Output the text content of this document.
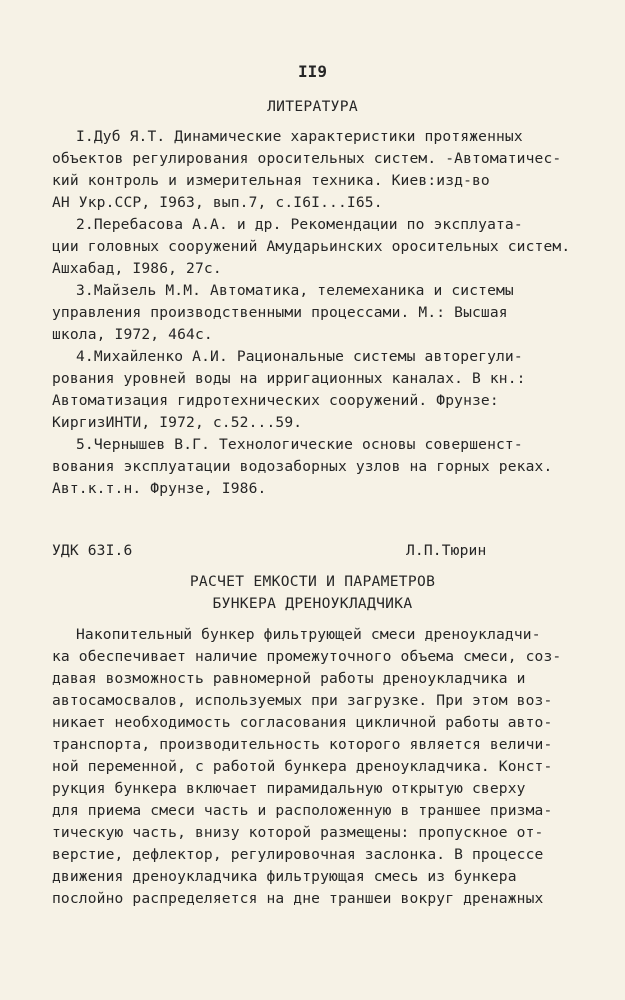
II9
ЛИТЕРАТУРА
I.Дуб Я.Т. Динамические характеристики протяженных
объектов регулирования оросительных систем. -Автоматичес-
кий контроль и измерительная техника. Киев:изд-во
АН Укр.ССР, I963, вып.7, с.I6I...I65.
2.Перебасова А.А. и др. Рекомендации по эксплуата-
ции головных сооружений Амударьинских оросительных систем.
Ашхабад, I986, 27с.
3.Майзель М.М. Автоматика, телемеханика и системы
управления производственными процессами. М.: Высшая
школа, I972, 464с.
4.Михайленко А.И. Рациональные системы авторегули-
рования уровней воды на ирригационных каналах. В кн.:
Автоматизация гидротехнических сооружений. Фрунзе:
КиргизИНТИ, I972, с.52...59.
5.Чернышев В.Г. Технологические основы совершенст-
вования эксплуатации водозаборных узлов на горных реках.
Авт.к.т.н. Фрунзе, I986.
УДК 63I.6	Л.П.Тюрин
РАСЧЕТ ЕМКОСТИ И ПАРАМЕТРОВ
БУНКЕРА ДРЕНОУКЛАДЧИКА
Накопительный бункер фильтрующей смеси дреноукладчи-
ка обеспечивает наличие промежуточного объема смеси, соз-
давая возможность равномерной работы дреноукладчика и
автосамосвалов, используемых при загрузке. При этом воз-
никает необходимость согласования цикличной работы авто-
транспорта, производительность которого является величи-
ной переменной, с работой бункера дреноукладчика. Конст-
рукция бункера включает пирамидальную открытую сверху
для приема смеси часть и расположенную в траншее призма-
тическую часть, внизу которой размещены: пропускное от-
верстие, дефлектор, регулировочная заслонка. В процессе
движения дреноукладчика фильтрующая смесь из бункера
послойно распределяется на дне траншеи вокруг дренажных
